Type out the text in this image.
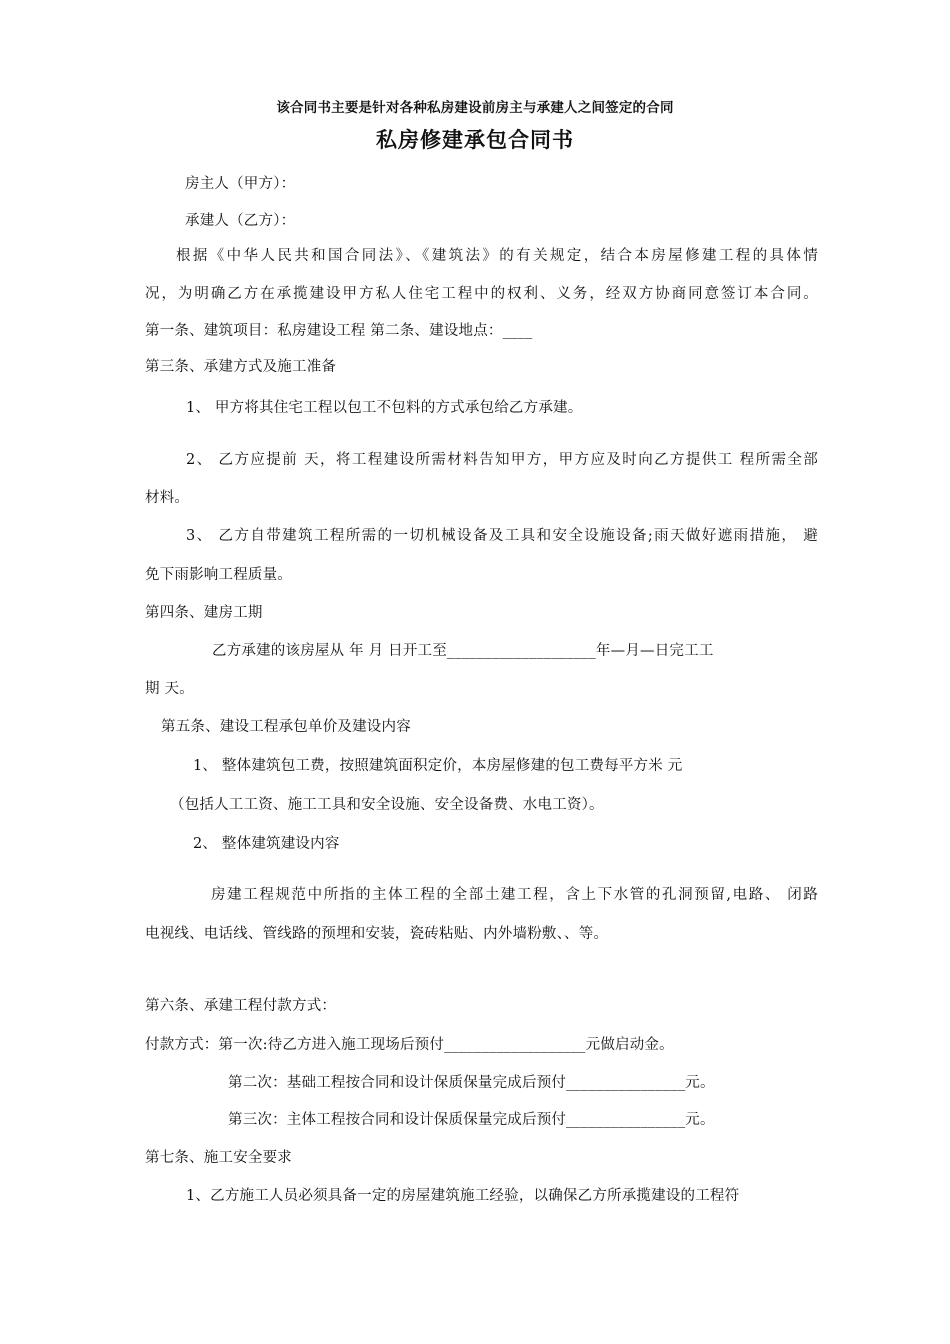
该合同书主要是针对各种私房建设前房主与承建人之间签定的合同
私房修建承包合同书
房主人（甲方）：
承建人（乙方）：
根据《中华人民共和国合同法》、《建筑法》的有关规定，结合本房屋修建工程的具体情
况，为明确乙方在承揽建设甲方私人住宅工程中的权利、义务，经双方协商同意签订本合同。
第一条、建筑项目：私房建设工程 第二条、建设地点：____
第三条、承建方式及施工准备
1、 甲方将其住宅工程以包工不包料的方式承包给乙方承建。
2、 乙方应提前 天，将工程建设所需材料告知甲方，甲方应及时向乙方提供工 程所需全部
材料。
3、 乙方自带建筑工程所需的一切机械设备及工具和安全设施设备;雨天做好遮雨措施， 避
免下雨影响工程质量。
第四条、建房工期
乙方承建的该房屋从 年 月 日开工至____________________年—月—日完工工
期 天。
第五条、建设工程承包单价及建设内容
1、 整体建筑包工费，按照建筑面积定价，本房屋修建的包工费每平方米 元
（包括人工工资、施工工具和安全设施、安全设备费、水电工资）。
2、 整体建筑建设内容
房建工程规范中所指的主体工程的全部土建工程，含上下水管的孔洞预留,电路、 闭路
电视线、电话线、管线路的预埋和安装，瓷砖粘贴、内外墙粉敷、、等。
第六条、承建工程付款方式：
付款方式：第一次:待乙方进入施工现场后预付___________________元做启动金。
第二次：基础工程按合同和设计保质保量完成后预付________________元。
第三次：主体工程按合同和设计保质保量完成后预付________________元。
第七条、施工安全要求
1、乙方施工人员必须具备一定的房屋建筑施工经验，以确保乙方所承揽建设的工程符
